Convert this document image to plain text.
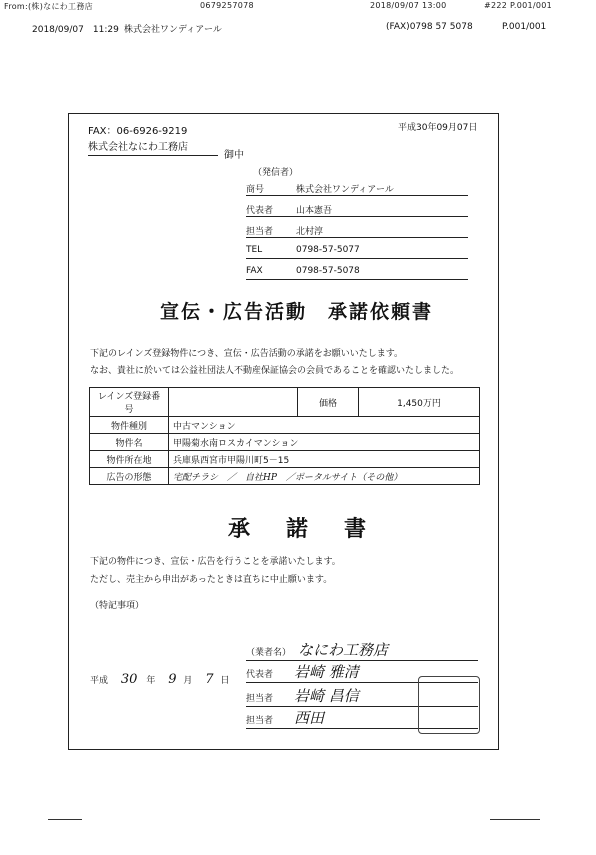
From:(株)なにわ工務店	0679257078	2018/09/07 13:00	#222 P.001/001
2018/09/07　11:29 株式会社ワンディアール	(FAX)0798 57 5078	P.001/001
FAX：06-6926-9219
株式会社なにわ工務店
御中
平成30年09月07日
（発信者）
商号	株式会社ワンディアール
代表者	山本憲吾
担当者	北村淳
TEL	0798-57-5077
FAX	0798-57-5078
宣伝・広告活動　承諾依頼書
下記のレインズ登録物件につき、宣伝・広告活動の承諾をお願いいたします。
なお、貴社に於いては公益社団法人不動産保証協会の会員であることを確認いたしました。
レインズ登録番号		価格	1,450万円
物件種別	中古マンション		
物件名	甲陽菊水南ロスカイマンション		
物件所在地	兵庫県西宮市甲陽川町5－15		
広告の形態	宅配チラシ　／　自社HP　／ポータルサイト（その他）		
承諾書
下記の物件につき、宣伝・広告を行うことを承諾いたします。
ただし、売主から申出があったときは直ちに中止願います。
（特記事項）
平成 30 年 9 月 7 日
（業者名） なにわ工務店
代表者 岩崎 雅清
担当者 岩崎 昌信
担当者 西田
